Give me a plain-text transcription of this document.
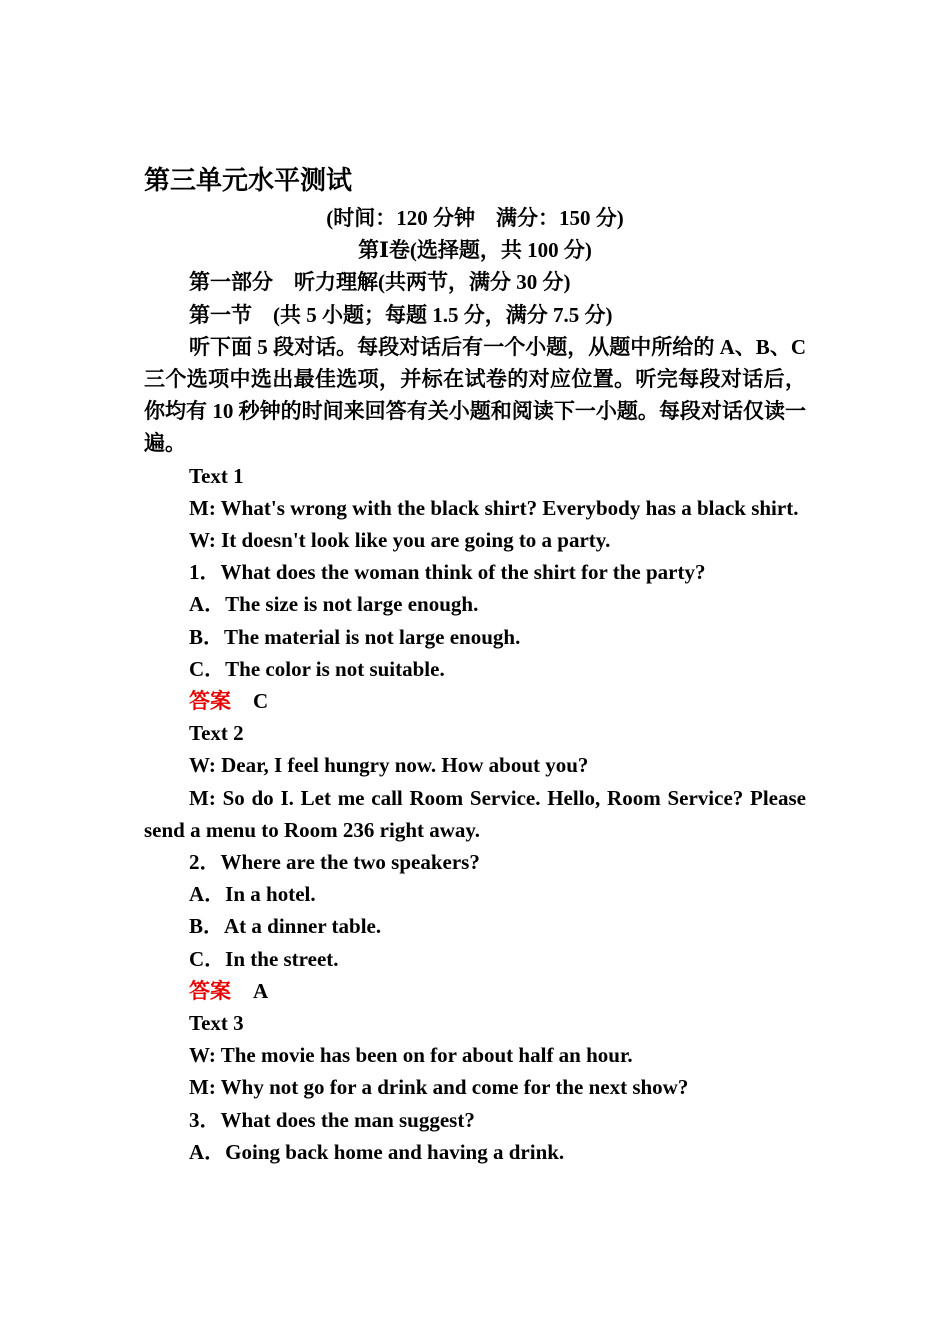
第三单元水平测试
(时间：120 分钟　满分：150 分)
第Ⅰ卷(选择题，共 100 分)
第一部分　听力理解(共两节，满分 30 分)
第一节　(共 5 小题；每题 1.5 分，满分 7.5 分)
听下面 5 段对话。每段对话后有一个小题，从题中所给的 A、B、C 三个选项中选出最佳选项，并标在试卷的对应位置。听完每段对话后，你均有 10 秒钟的时间来回答有关小题和阅读下一小题。每段对话仅读一遍。
Text 1
M: What's wrong with the black shirt? Everybody has a black shirt.
W: It doesn't look like you are going to a party.
1．What does the woman think of the shirt for the party?
A．The size is not large enough.
B．The material is not large enough.
C．The color is not suitable.
答案 C
Text 2
W: Dear, I feel hungry now. How about you?
M: So do I. Let me call Room Service. Hello, Room Service? Please send a menu to Room 236 right away.
2．Where are the two speakers?
A．In a hotel.
B．At a dinner table.
C．In the street.
答案 A
Text 3
W: The movie has been on for about half an hour.
M: Why not go for a drink and come for the next show?
3．What does the man suggest?
A．Going back home and having a drink.
